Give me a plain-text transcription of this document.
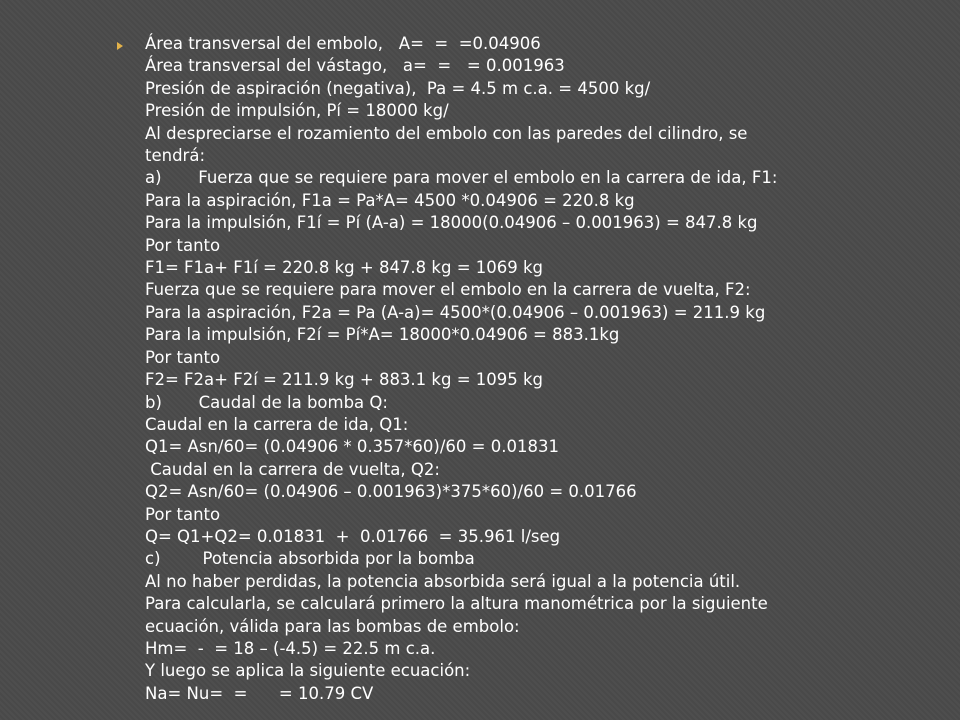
Área transversal del embolo,   A=  =  =0.04906
Área transversal del vástago,   a=  =   = 0.001963
Presión de aspiración (negativa),  Pa = 4.5 m c.a. = 4500 kg/
Presión de impulsión, Pí = 18000 kg/
Al despreciarse el rozamiento del embolo con las paredes del cilindro, se
tendrá:
a)       Fuerza que se requiere para mover el embolo en la carrera de ida, F1:
Para la aspiración, F1a = Pa*A= 4500 *0.04906 = 220.8 kg
Para la impulsión, F1í = Pí (A-a) = 18000(0.04906 – 0.001963) = 847.8 kg
Por tanto
F1= F1a+ F1í = 220.8 kg + 847.8 kg = 1069 kg
Fuerza que se requiere para mover el embolo en la carrera de vuelta, F2:
Para la aspiración, F2a = Pa (A-a)= 4500*(0.04906 – 0.001963) = 211.9 kg
Para la impulsión, F2í = Pí*A= 18000*0.04906 = 883.1kg
Por tanto
F2= F2a+ F2í = 211.9 kg + 883.1 kg = 1095 kg
b)       Caudal de la bomba Q:
Caudal en la carrera de ida, Q1:
Q1= Asn/60= (0.04906 * 0.357*60)/60 = 0.01831
Caudal en la carrera de vuelta, Q2:
Q2= Asn/60= (0.04906 – 0.001963)*375*60)/60 = 0.01766
Por tanto
Q= Q1+Q2= 0.01831  +  0.01766  = 35.961 l/seg
c)        Potencia absorbida por la bomba
Al no haber perdidas, la potencia absorbida será igual a la potencia útil.
Para calcularla, se calculará primero la altura manométrica por la siguiente
ecuación, válida para las bombas de embolo:
Hm=  -  = 18 – (-4.5) = 22.5 m c.a.
Y luego se aplica la siguiente ecuación:
Na= Nu=  =      = 10.79 CV
